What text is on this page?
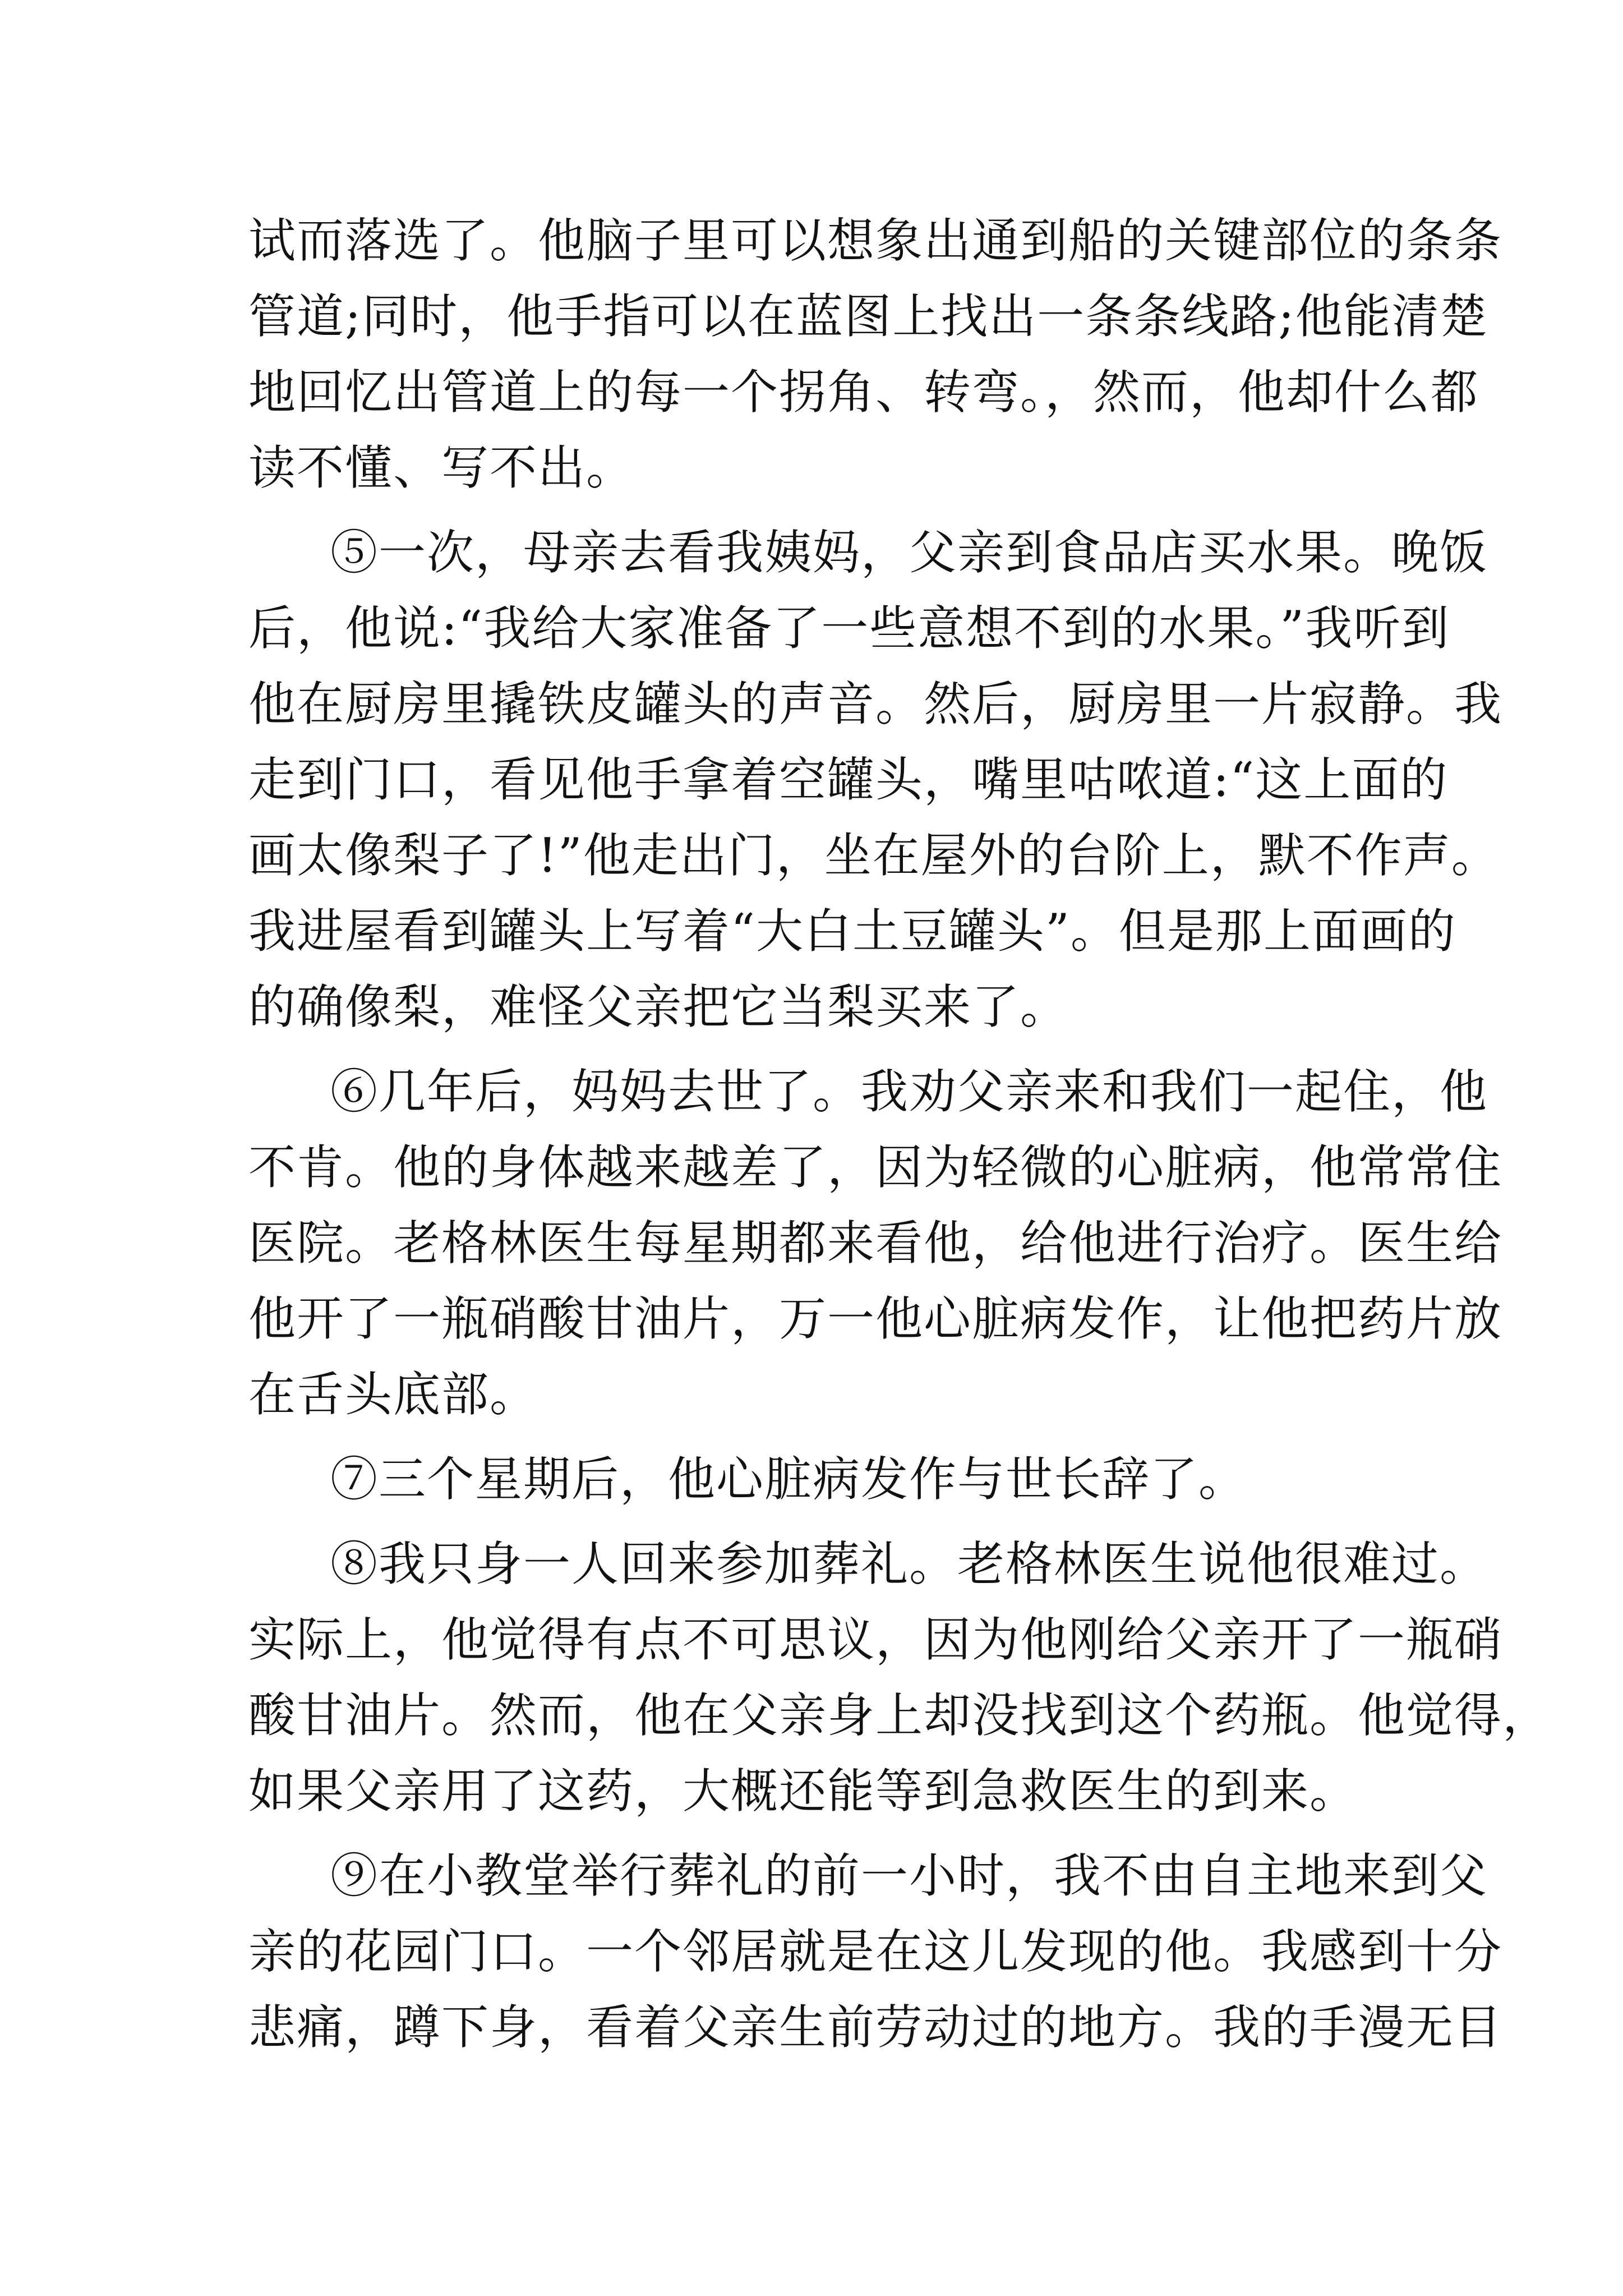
试而落选了。他脑子里可以想象出通到船的关键部位的条条
管道;同时，他手指可以在蓝图上找出一条条线路;他能清楚
地回忆出管道上的每一个拐角、转弯。，然而，他却什么都
读不懂、写不出。
⑤一次，母亲去看我姨妈，父亲到食品店买水果。晚饭
后，他说:“我给大家准备了一些意想不到的水果。”我听到
他在厨房里撬铁皮罐头的声音。然后，厨房里一片寂静。我
走到门口，看见他手拿着空罐头，嘴里咕哝道:“这上面的
画太像梨子了!”他走出门，坐在屋外的台阶上，默不作声。
我进屋看到罐头上写着“大白土豆罐头”。但是那上面画的
的确像梨，难怪父亲把它当梨买来了。
⑥几年后，妈妈去世了。我劝父亲来和我们一起住，他
不肯。他的身体越来越差了，因为轻微的心脏病，他常常住
医院。老格林医生每星期都来看他，给他进行治疗。医生给
他开了一瓶硝酸甘油片，万一他心脏病发作，让他把药片放
在舌头底部。
⑦三个星期后，他心脏病发作与世长辞了。
⑧我只身一人回来参加葬礼。老格林医生说他很难过。
实际上，他觉得有点不可思议，因为他刚给父亲开了一瓶硝
酸甘油片。然而，他在父亲身上却没找到这个药瓶。他觉得，
如果父亲用了这药，大概还能等到急救医生的到来。
⑨在小教堂举行葬礼的前一小时，我不由自主地来到父
亲的花园门口。一个邻居就是在这儿发现的他。我感到十分
悲痛，蹲下身，看着父亲生前劳动过的地方。我的手漫无目
